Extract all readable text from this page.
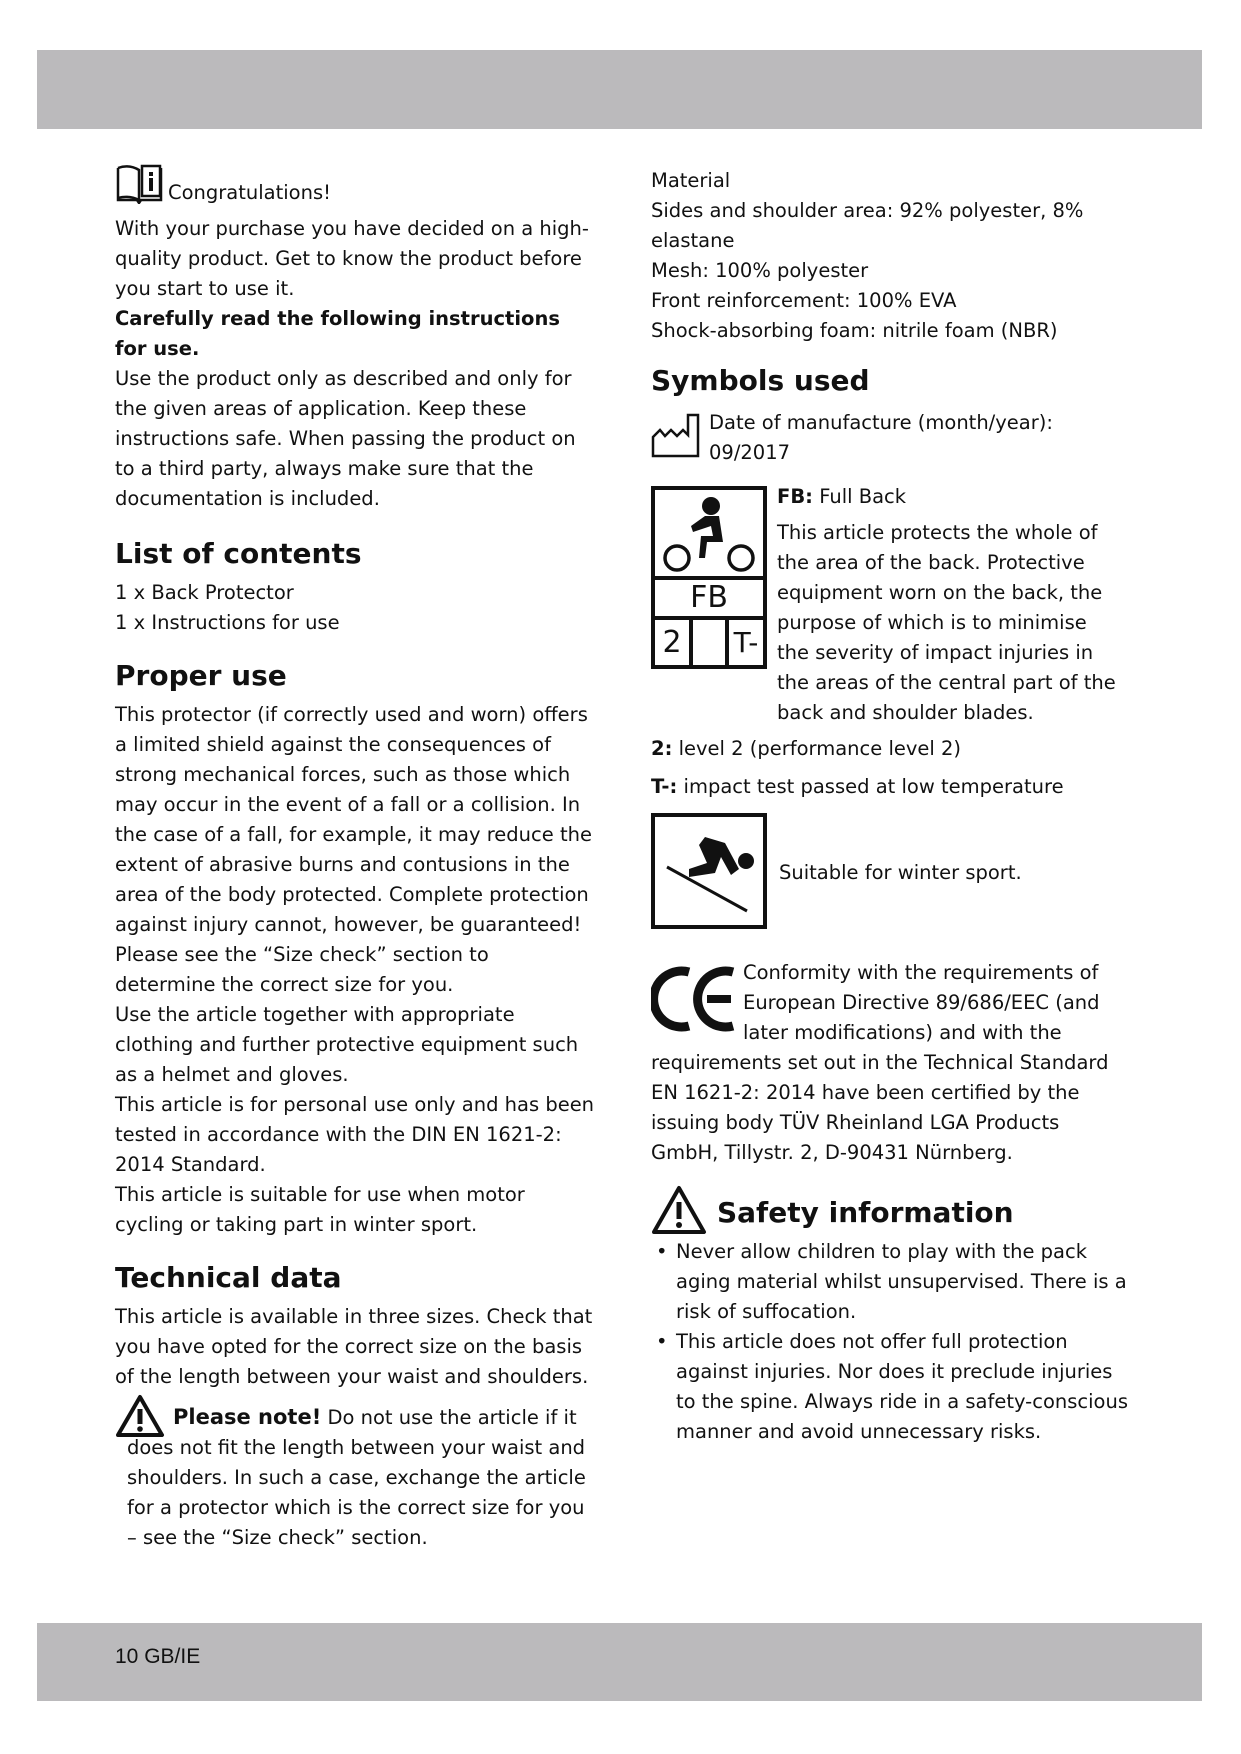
Congratulations!

With your purchase you have decided on a high-quality product. Get to know the product before you start to use it.

Carefully read the following instructions for use.

Use the product only as described and only for the given areas of application. Keep these instructions safe. When passing the product on to a third party, always make sure that the documentation is included.

List of contents

1 x Back Protector

1 x Instructions for use

Proper use

This protector (if correctly used and worn) offers a limited shield against the consequences of strong mechanical forces, such as those which may occur in the event of a fall or a collision. In the case of a fall, for example, it may reduce the extent of abrasive burns and contusions in the area of the body protected. Complete protection against injury cannot, however, be guaranteed!

Please see the “Size check” section to determine the correct size for you.

Use the article together with appropriate clothing and further protective equipment such as a helmet and gloves.

This article is for personal use only and has been tested in accordance with the DIN EN 1621-2: 2014 Standard.

This article is suitable for use when motor cycling or taking part in winter sport.

Technical data

This article is available in three sizes. Check that you have opted for the correct size on the basis of the length between your waist and shoulders.

Please note! Do not use the article if it does not fit the length between your waist and shoulders. In such a case, exchange the article for a protector which is the correct size for you – see the “Size check” section.

Material

Sides and shoulder area: 92% polyester, 8% elastane

Mesh: 100% polyester

Front reinforcement: 100% EVA

Shock-absorbing foam: nitrile foam (NBR)

Symbols used
Date of manufacture (month/year): 09/2017
FB
2 T-

FB: Full Back

This article protects the whole of the area of the back. Protective equipment worn on the back, the purpose of which is to minimise the severity of impact injuries in the areas of the central part of the back and shoulder blades.

2: level 2 (performance level 2)

T-: impact test passed at low temperature

Suitable for winter sport.

Conformity with the requirements of European Directive 89/686/EEC (and later modifications) and with the requirements set out in the Technical Standard EN 1621-2: 2014 have been certified by the issuing body TÜV Rheinland LGA Products GmbH, Tillystr. 2, D-90431 Nürnberg.

Safety information
• Never allow children to play with the pack aging material whilst unsupervised. There is a risk of suffocation.
• This article does not offer full protection against injuries. Nor does it preclude injuries to the spine. Always ride in a safety-conscious manner and avoid unnecessary risks.
10 GB/IE
